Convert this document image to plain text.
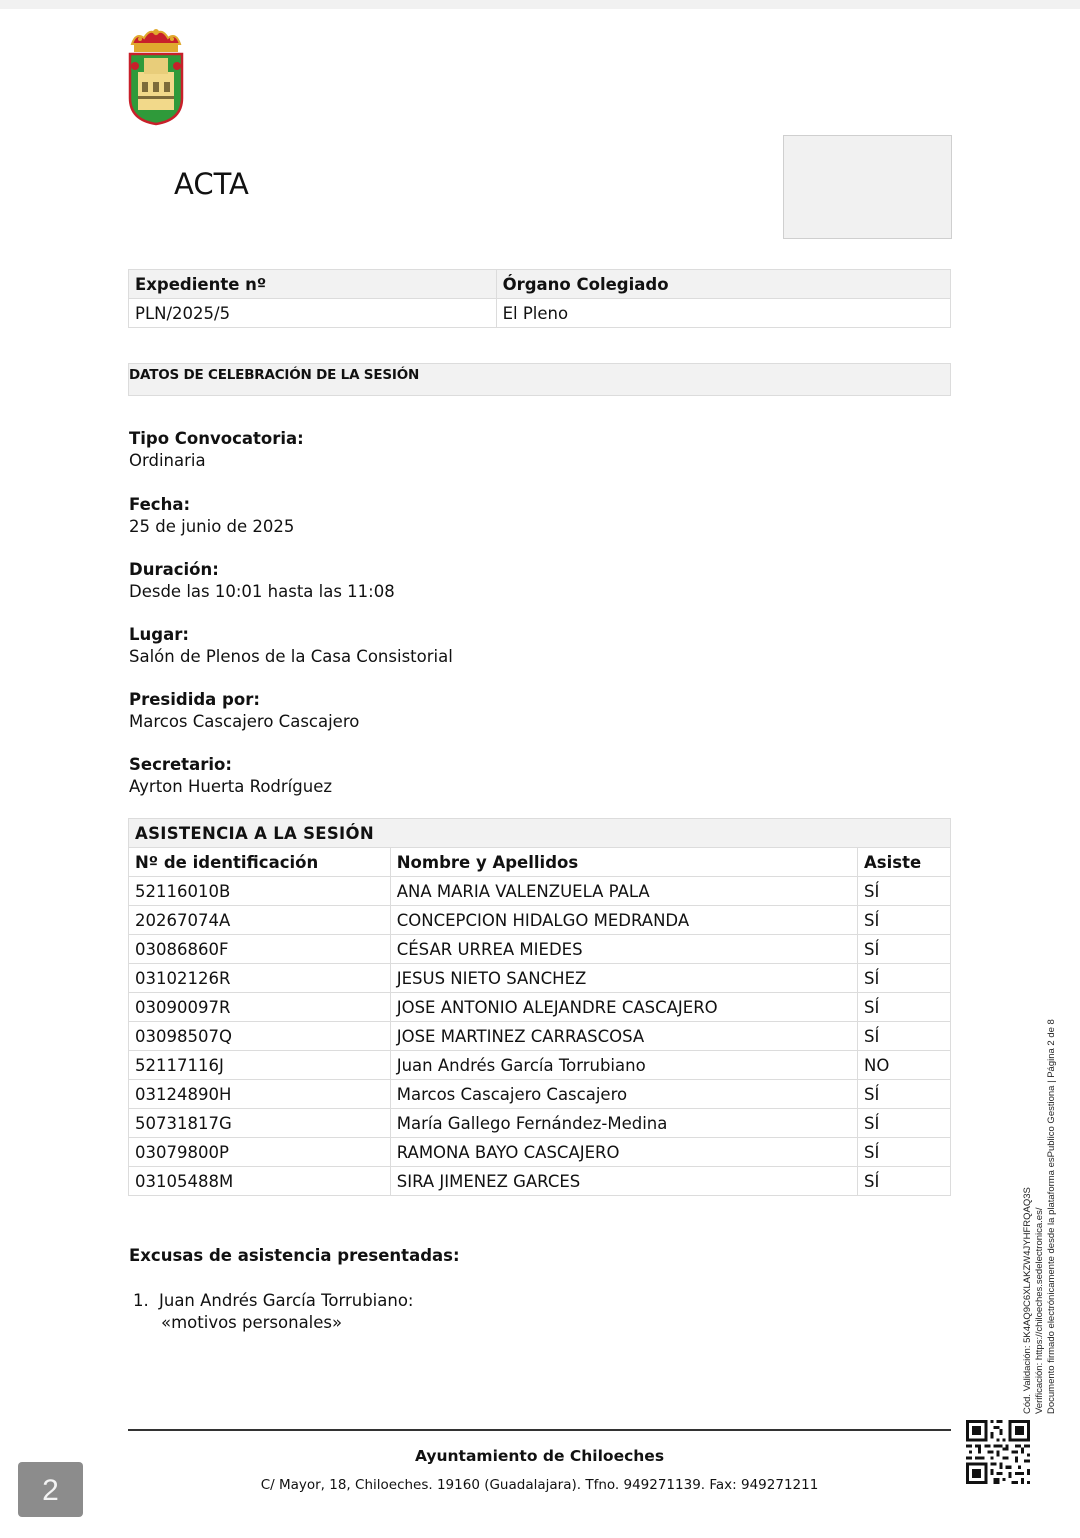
ACTA
Expediente nº	Órgano Colegiado
PLN/2025/5	El Pleno
DATOS DE CELEBRACIÓN DE LA SESIÓN
Tipo Convocatoria:
Ordinaria
Fecha:
25 de junio de 2025
Duración:
Desde las 10:01 hasta las 11:08
Lugar:
Salón de Plenos de la Casa Consistorial
Presidida por:
Marcos Cascajero Cascajero
Secretario:
Ayrton Huerta Rodríguez
ASISTENCIA A LA SESIÓN		
Nº de identificación	Nombre y Apellidos	Asiste
52116010B	ANA MARIA VALENZUELA PALA	SÍ
20267074A	CONCEPCION HIDALGO MEDRANDA	SÍ
03086860F	CÉSAR URREA MIEDES	SÍ
03102126R	JESUS NIETO SANCHEZ	SÍ
03090097R	JOSE ANTONIO ALEJANDRE CASCAJERO	SÍ
03098507Q	JOSE MARTINEZ CARRASCOSA	SÍ
52117116J	Juan Andrés García Torrubiano	NO
03124890H	Marcos Cascajero Cascajero	SÍ
50731817G	María Gallego Fernández-Medina	SÍ
03079800P	RAMONA BAYO CASCAJERO	SÍ
03105488M	SIRA JIMENEZ GARCES	SÍ
Excusas de asistencia presentadas:
1. Juan Andrés García Torrubiano:
«motivos personales»	Cód. Validación: 5K4AQ9C6XLAKZW4JYHFRQAQ3S Verificación: https://chiloeches.sedelectronica.es/ Documento firmado electrónicamente desde la plataforma esPublico Gestiona | Página 2 de 8
Ayuntamiento de Chiloeches
C/ Mayor, 18, Chiloeches. 19160 (Guadalajara). Tfno. 949271139. Fax: 949271211
2
